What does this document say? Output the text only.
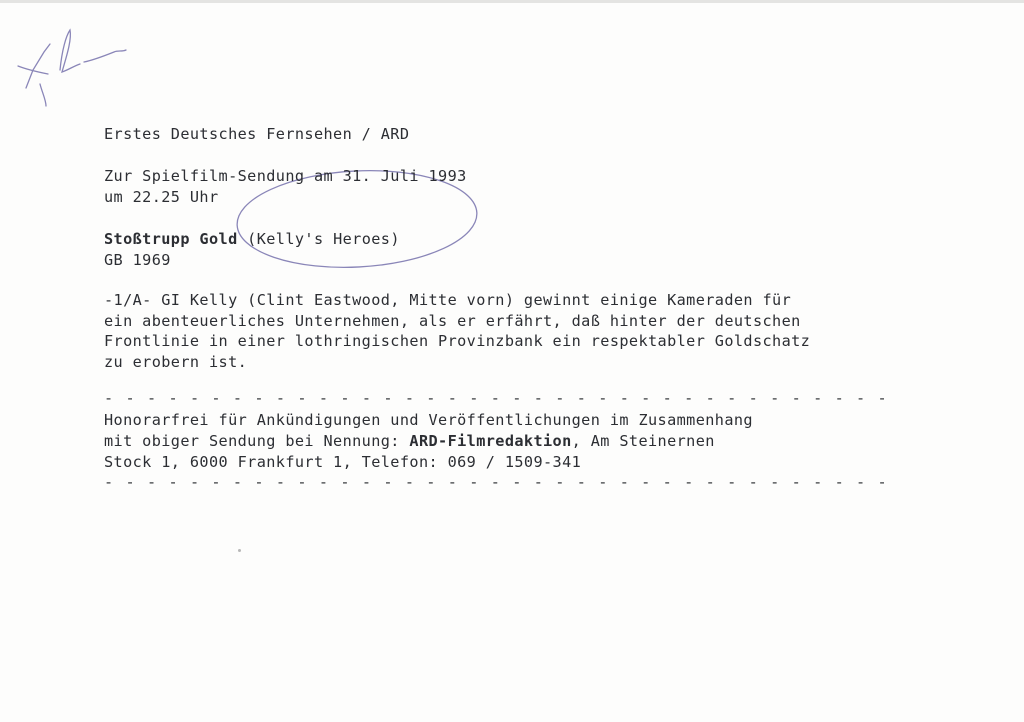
Erstes Deutsches Fernsehen / ARD
Zur Spielfilm-Sendung am 31. Juli 1993
um 22.25 Uhr
Stoßtrupp Gold (Kelly's Heroes)
GB 1969
-1/A- GI Kelly (Clint Eastwood, Mitte vorn) gewinnt einige Kameraden für
ein abenteuerliches Unternehmen, als er erfährt, daß hinter der deutschen
Frontlinie in einer lothringischen Provinzbank ein respektabler Goldschatz
zu erobern ist.
- - - - - - - - - - - - - - - - - - - - - - - - - - - - - - - - - - - - -
Honorarfrei für Ankündigungen und Veröffentlichungen im Zusammenhang
mit obiger Sendung bei Nennung: ARD-Filmredaktion, Am Steinernen
Stock 1, 6000 Frankfurt 1, Telefon: 069 / 1509-341
- - - - - - - - - - - - - - - - - - - - - - - - - - - - - - - - - - - - -
